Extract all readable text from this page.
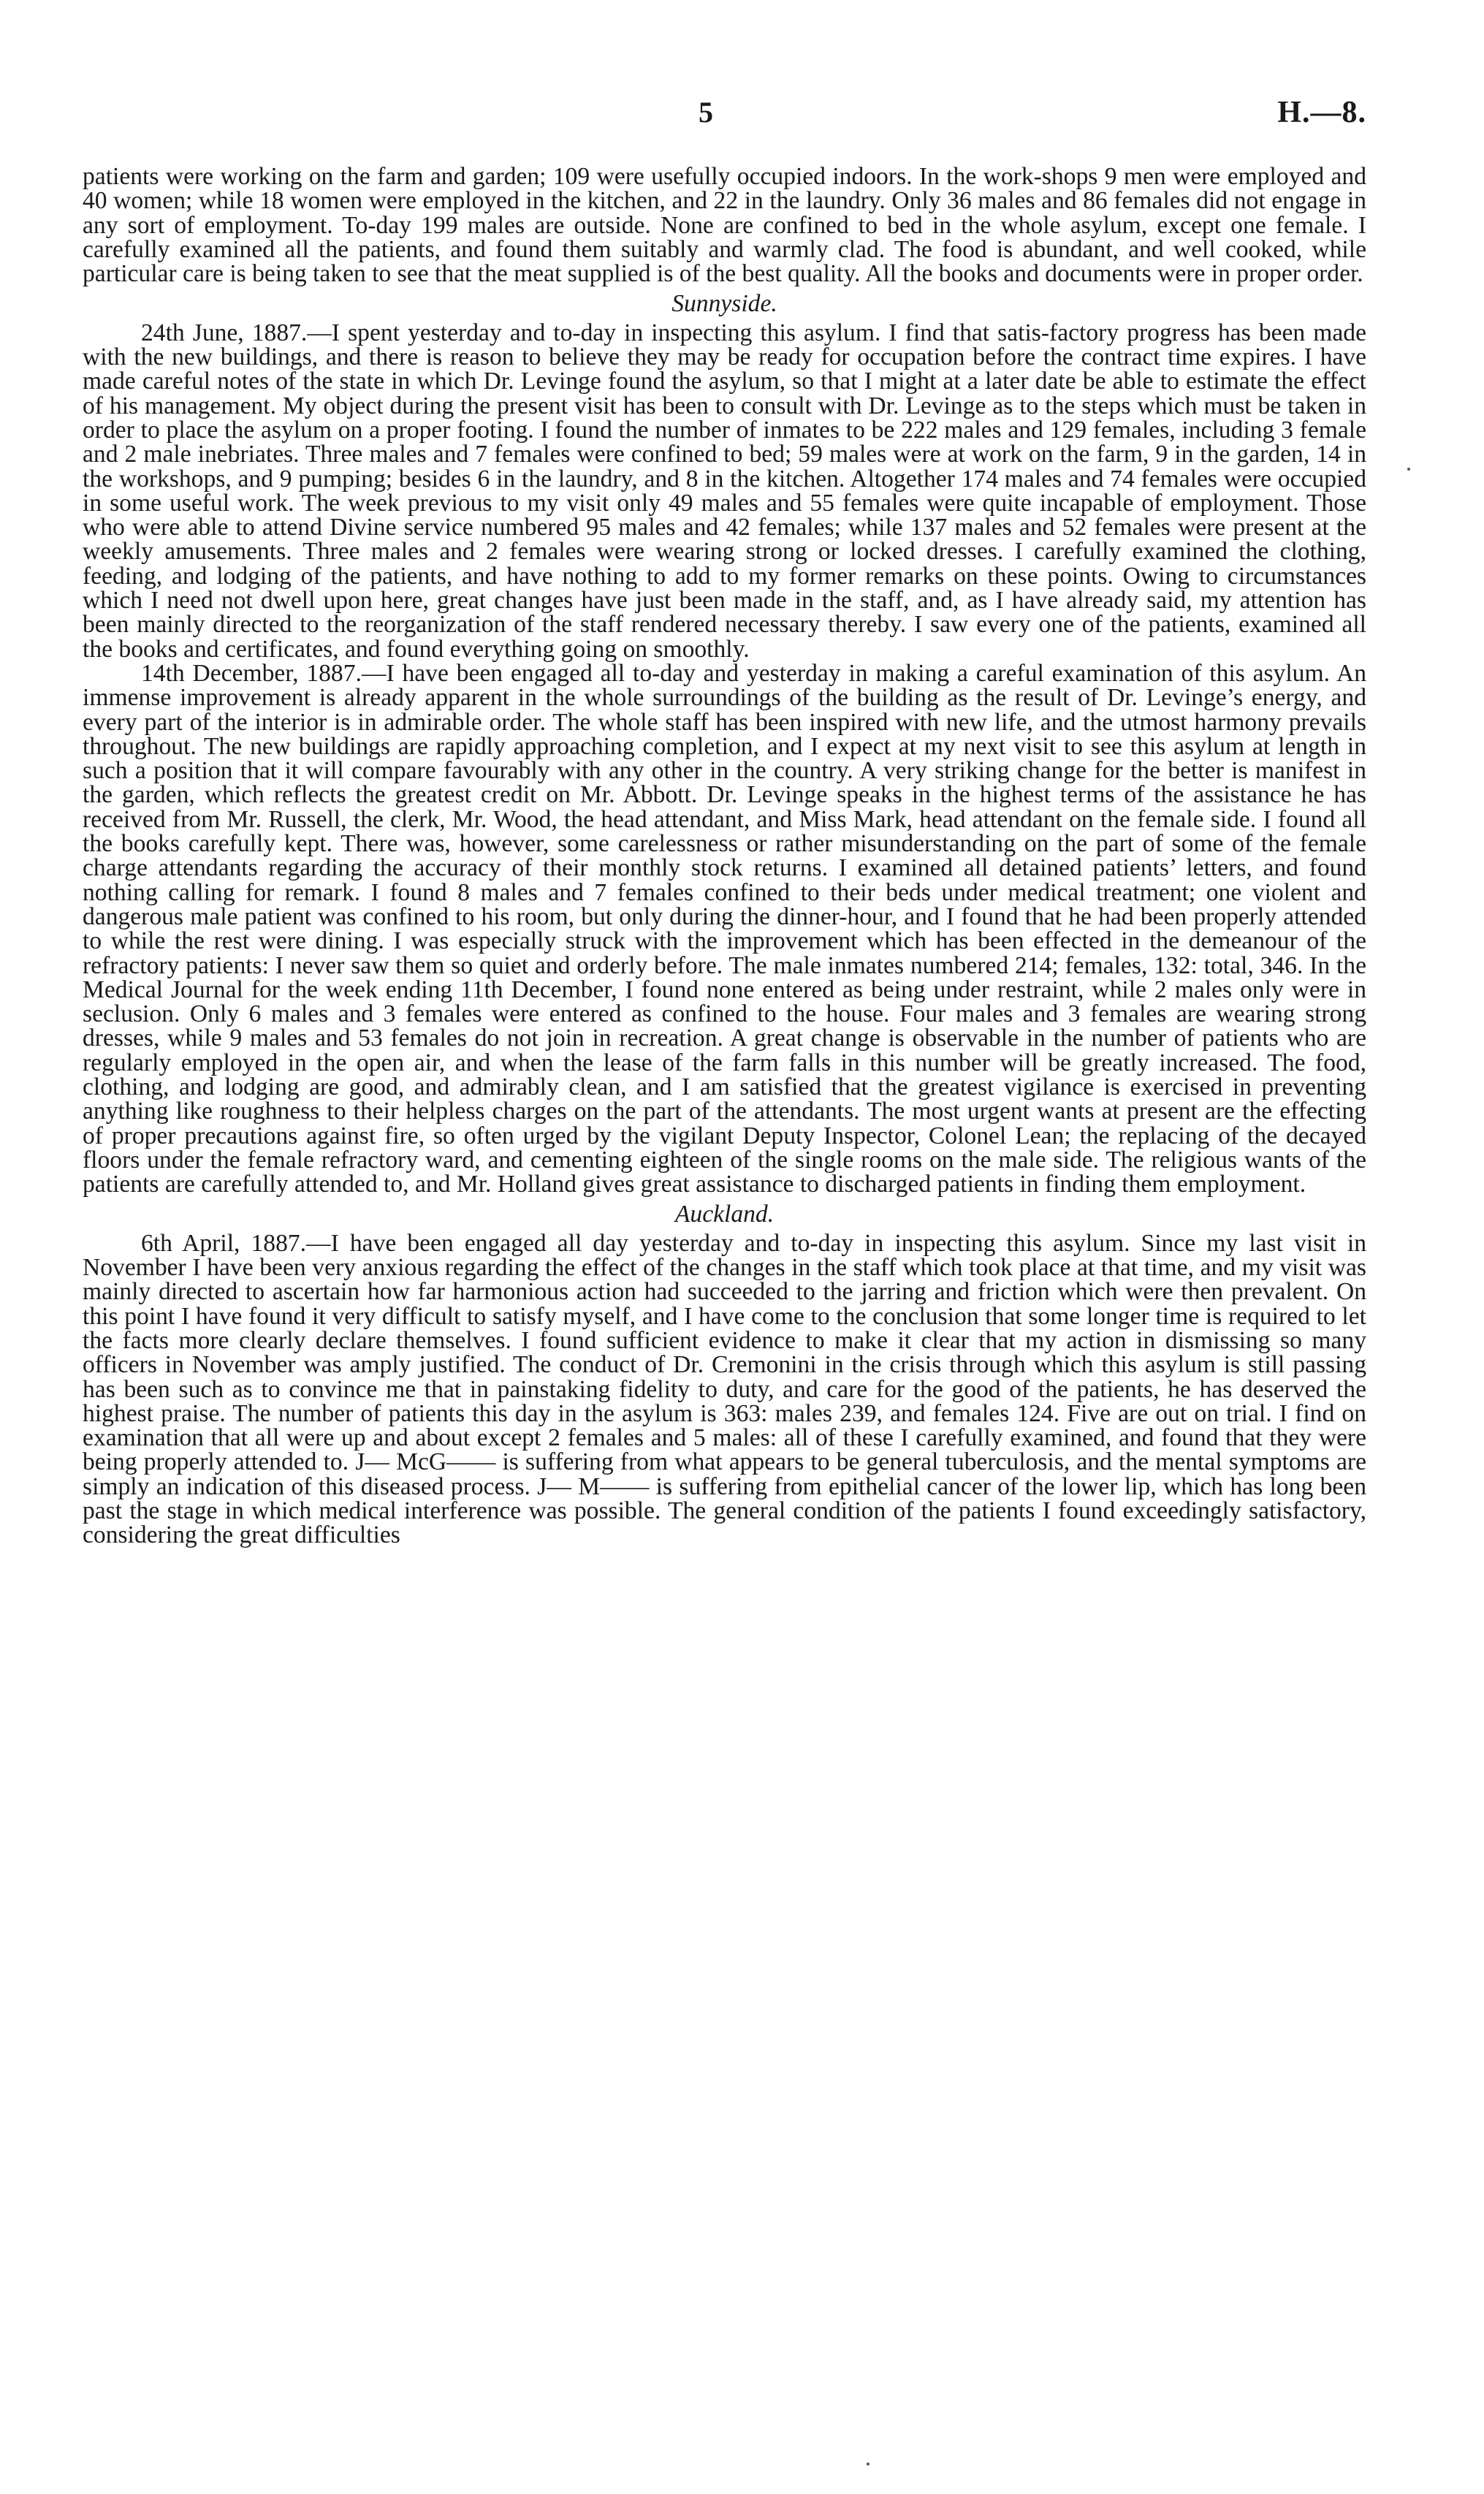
5	H.—8.

patients were working on the farm and garden; 109 were usefully occupied indoors. In the work-shops 9 men were employed and 40 women; while 18 women were employed in the kitchen, and 22 in the laundry. Only 36 males and 86 females did not engage in any sort of employment. To-day 199 males are outside. None are confined to bed in the whole asylum, except one female. I carefully examined all the patients, and found them suitably and warmly clad. The food is abundant, and well cooked, while particular care is being taken to see that the meat supplied is of the best quality. All the books and documents were in proper order.

Sunnyside.

24th June, 1887.—I spent yesterday and to-day in inspecting this asylum. I find that satis-factory progress has been made with the new buildings, and there is reason to believe they may be ready for occupation before the contract time expires. I have made careful notes of the state in which Dr. Levinge found the asylum, so that I might at a later date be able to estimate the effect of his management. My object during the present visit has been to consult with Dr. Levinge as to the steps which must be taken in order to place the asylum on a proper footing. I found the number of inmates to be 222 males and 129 females, including 3 female and 2 male inebriates. Three males and 7 females were confined to bed; 59 males were at work on the farm, 9 in the garden, 14 in the workshops, and 9 pumping; besides 6 in the laundry, and 8 in the kitchen. Altogether 174 males and 74 females were occupied in some useful work. The week previous to my visit only 49 males and 55 females were quite incapable of employment. Those who were able to attend Divine service numbered 95 males and 42 females; while 137 males and 52 females were present at the weekly amusements. Three males and 2 females were wearing strong or locked dresses. I carefully examined the clothing, feeding, and lodging of the patients, and have nothing to add to my former remarks on these points. Owing to circumstances which I need not dwell upon here, great changes have just been made in the staff, and, as I have already said, my attention has been mainly directed to the reorganization of the staff rendered necessary thereby. I saw every one of the patients, examined all the books and certificates, and found everything going on smoothly.

14th December, 1887.—I have been engaged all to-day and yesterday in making a careful examination of this asylum. An immense improvement is already apparent in the whole surroundings of the building as the result of Dr. Levinge’s energy, and every part of the interior is in admirable order. The whole staff has been inspired with new life, and the utmost harmony prevails throughout. The new buildings are rapidly approaching completion, and I expect at my next visit to see this asylum at length in such a position that it will compare favourably with any other in the country. A very striking change for the better is manifest in the garden, which reflects the greatest credit on Mr. Abbott. Dr. Levinge speaks in the highest terms of the assistance he has received from Mr. Russell, the clerk, Mr. Wood, the head attendant, and Miss Mark, head attendant on the female side. I found all the books carefully kept. There was, however, some carelessness or rather misunderstanding on the part of some of the female charge attendants regarding the accuracy of their monthly stock returns. I examined all detained patients’ letters, and found nothing calling for remark. I found 8 males and 7 females confined to their beds under medical treatment; one violent and dangerous male patient was confined to his room, but only during the dinner-hour, and I found that he had been properly attended to while the rest were dining. I was especially struck with the improvement which has been effected in the demeanour of the refractory patients: I never saw them so quiet and orderly before. The male inmates numbered 214; females, 132: total, 346. In the Medical Journal for the week ending 11th December, I found none entered as being under restraint, while 2 males only were in seclusion. Only 6 males and 3 females were entered as confined to the house. Four males and 3 females are wearing strong dresses, while 9 males and 53 females do not join in recreation. A great change is observable in the number of patients who are regularly employed in the open air, and when the lease of the farm falls in this number will be greatly increased. The food, clothing, and lodging are good, and admirably clean, and I am satisfied that the greatest vigilance is exercised in preventing anything like roughness to their helpless charges on the part of the attendants. The most urgent wants at present are the effecting of proper precautions against fire, so often urged by the vigilant Deputy Inspector, Colonel Lean; the replacing of the decayed floors under the female refractory ward, and cementing eighteen of the single rooms on the male side. The religious wants of the patients are carefully attended to, and Mr. Holland gives great assistance to discharged patients in finding them employment.

Auckland.

6th April, 1887.—I have been engaged all day yesterday and to-day in inspecting this asylum. Since my last visit in November I have been very anxious regarding the effect of the changes in the staff which took place at that time, and my visit was mainly directed to ascertain how far harmonious action had succeeded to the jarring and friction which were then prevalent. On this point I have found it very difficult to satisfy myself, and I have come to the conclusion that some longer time is required to let the facts more clearly declare themselves. I found sufficient evidence to make it clear that my action in dismissing so many officers in November was amply justified. The conduct of Dr. Cremonini in the crisis through which this asylum is still passing has been such as to convince me that in painstaking fidelity to duty, and care for the good of the patients, he has deserved the highest praise. The number of patients this day in the asylum is 363: males 239, and females 124. Five are out on trial. I find on examination that all were up and about except 2 females and 5 males: all of these I carefully examined, and found that they were being properly attended to. J— McG—— is suffering from what appears to be general tuberculosis, and the mental symptoms are simply an indication of this diseased process. J— M—— is suffering from epithelial cancer of the lower lip, which has long been past the stage in which medical interference was possible. The general condition of the patients I found exceedingly satisfactory, considering the great difficulties
